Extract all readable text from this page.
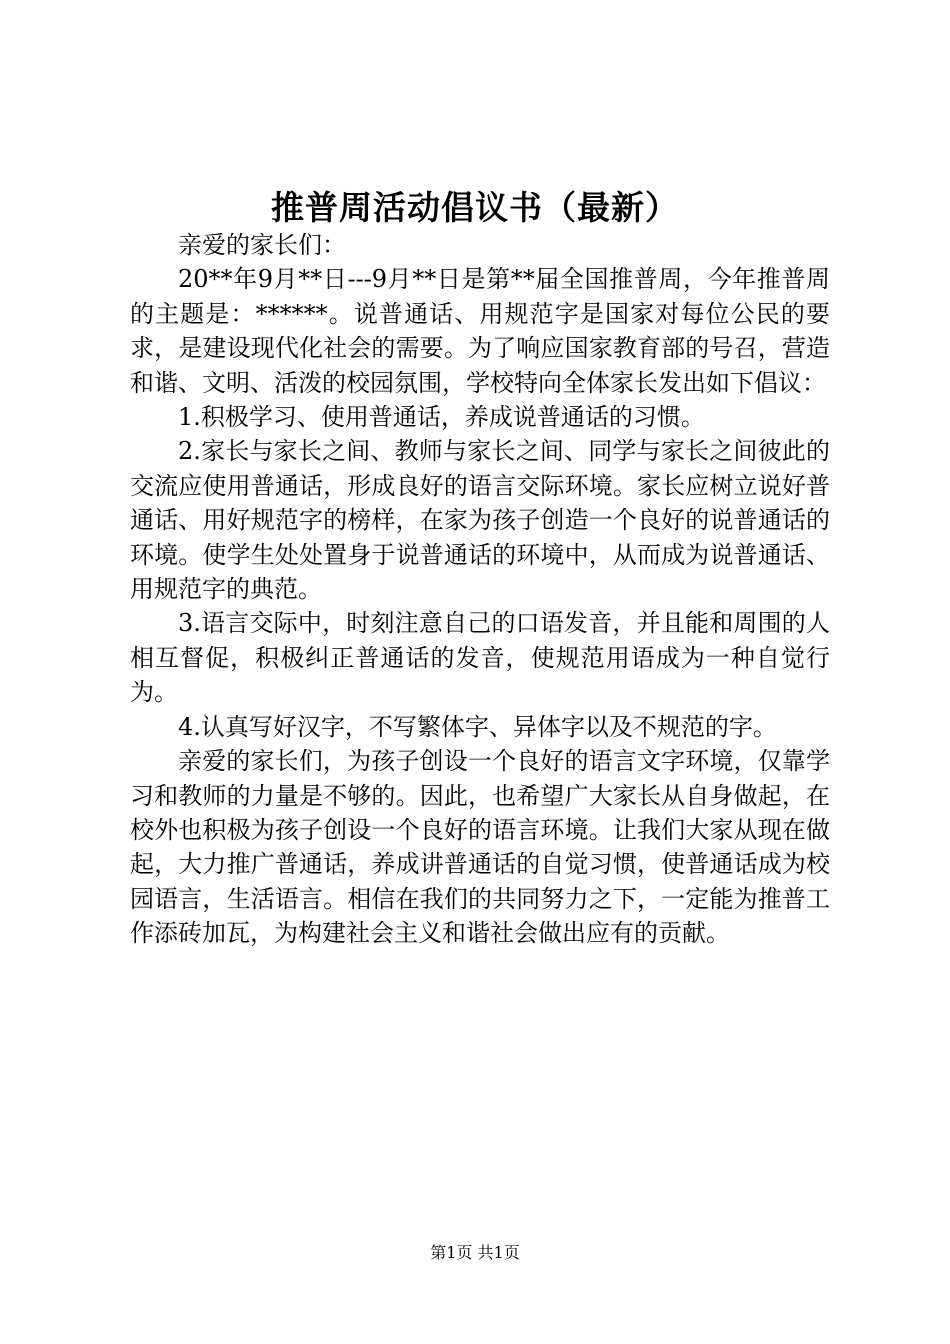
推普周活动倡议书（最新）

亲爱的家长们：

20**年9月**日---9月**日是第**届全国推普周，今年推普周的主题是：******。说普通话、用规范字是国家对每位公民的要求，是建设现代化社会的需要。为了响应国家教育部的号召，营造和谐、文明、活泼的校园氛围，学校特向全体家长发出如下倡议：

1.积极学习、使用普通话，养成说普通话的习惯。

2.家长与家长之间、教师与家长之间、同学与家长之间彼此的交流应使用普通话，形成良好的语言交际环境。家长应树立说好普通话、用好规范字的榜样，在家为孩子创造一个良好的说普通话的环境。使学生处处置身于说普通话的环境中，从而成为说普通话、用规范字的典范。

3.语言交际中，时刻注意自己的口语发音，并且能和周围的人相互督促，积极纠正普通话的发音，使规范用语成为一种自觉行为。

4.认真写好汉字，不写繁体字、异体字以及不规范的字。

亲爱的家长们，为孩子创设一个良好的语言文字环境，仅靠学习和教师的力量是不够的。因此，也希望广大家长从自身做起，在校外也积极为孩子创设一个良好的语言环境。让我们大家从现在做起，大力推广普通话，养成讲普通话的自觉习惯，使普通话成为校园语言，生活语言。相信在我们的共同努力之下，一定能为推普工作添砖加瓦，为构建社会主义和谐社会做出应有的贡献。

第1页 共1页
